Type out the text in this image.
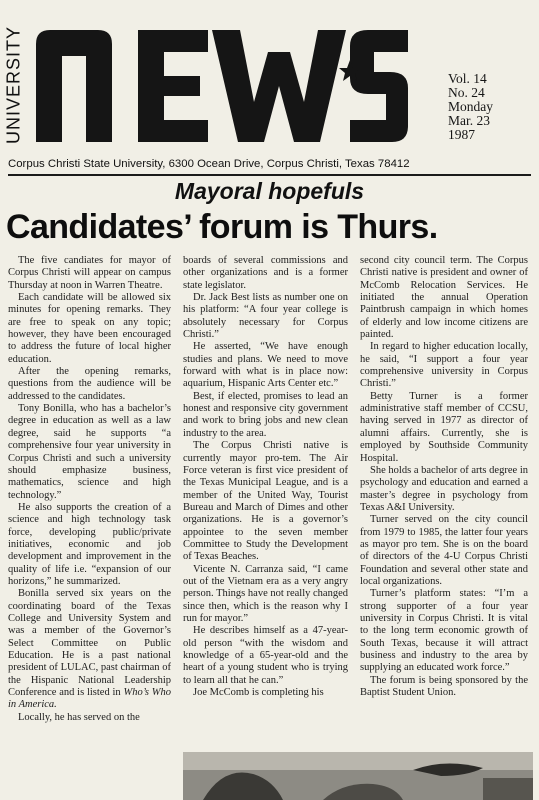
UNIVERSITY	Vol. 14
No. 24
Monday
Mar. 23
1987
Corpus Christi State University, 6300 Ocean Drive, Corpus Christi, Texas 78412
Mayoral hopefuls
Candidates’ forum is Thurs.

The five candiates for mayor of Corpus Christi will appear on campus Thursday at noon in Warren Theatre.

Each candidate will be allowed six minutes for opening remarks. They are free to speak on any topic; however, they have been encouraged to address the future of local higher education.

After the opening remarks, questions from the audience will be addressed to the candidates.

Tony Bonilla, who has a bachelor’s degree in education as well as a law degree, said he supports “a comprehensive four year university in Corpus Christi and such a university should emphasize business, mathematics, science and high technology.”

He also supports the creation of a science and high technology task force, developing public/private initiatives, economic and job development and improvement in the quality of life i.e. “expansion of our horizons,” he summarized.

Bonilla served six years on the coordinating board of the Texas College and University System and was a member of the Governor’s Select Committee on Public Education. He is a past national president of LULAC, past chairman of the Hispanic National Leadership Conference and is listed in Who’s Who in America.

Locally, he has served on the

boards of several commissions and other organizations and is a former state legislator.

Dr. Jack Best lists as number one on his platform: “A four year college is absolutely necessary for Corpus Christi.”

He asserted, “We have enough studies and plans. We need to move forward with what is in place now: aquarium, Hispanic Arts Center etc.”

Best, if elected, promises to lead an honest and responsive city government and work to bring jobs and new clean industry to the area.

The Corpus Christi native is currently mayor pro-tem. The Air Force veteran is first vice president of the Texas Municipal League, and is a member of the United Way, Tourist Bureau and March of Dimes and other organizations. He is a governor’s appointee to the seven member Committee to Study the Development of Texas Beaches.

Vicente N. Carranza said, “I came out of the Vietnam era as a very angry person. Things have not really changed since then, which is the reason why I run for mayor.”

He describes himself as a 47-year-old person “with the wisdom and knowledge of a 65-year-old and the heart of a young student who is trying to learn all that he can.”

Joe McComb is completing his

second city council term. The Corpus Christi native is president and owner of McComb Relocation Services. He initiated the annual Operation Paintbrush campaign in which homes of elderly and low income citizens are painted.

In regard to higher education locally, he said, “I support a four year comprehensive university in Corpus Christi.”

Betty Turner is a former administrative staff member of CCSU, having served in 1977 as director of alumni affairs. Currently, she is employed by Southside Community Hospital.

She holds a bachelor of arts degree in psychology and education and earned a master’s degree in psychology from Texas A&I University.

Turner served on the city council from 1979 to 1985, the latter four years as mayor pro tem. She is on the board of directors of the 4-U Corpus Christi Foundation and several other state and local organizations.

Turner’s platform states: “I’m a strong supporter of a four year university in Corpus Christi. It is vital to the long term economic growth of South Texas, because it will attract business and industry to the area by supplying an educated work force.”

The forum is being sponsored by the Baptist Student Union.
